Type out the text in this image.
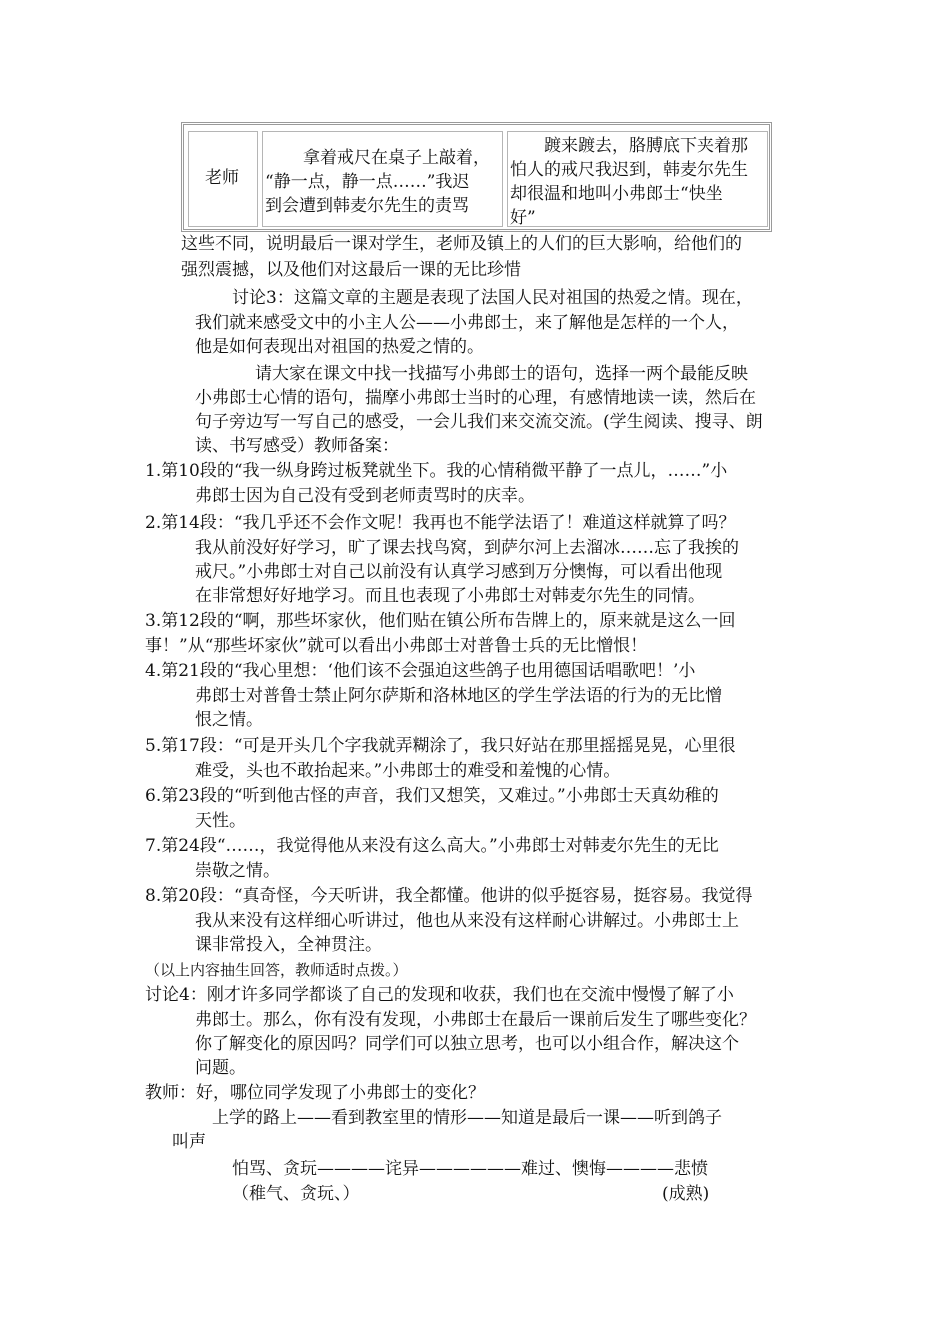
老师
拿着戒尺在桌子上敲着，
“静一点，静一点……”我迟
到会遭到韩麦尔先生的责骂
踱来踱去，胳膊底下夹着那
怕人的戒尺我迟到，韩麦尔先生
却很温和地叫小弗郎士“快坐
好”
这些不同，说明最后一课对学生，老师及镇上的人们的巨大影响，给他们的
强烈震撼，以及他们对这最后一课的无比珍惜
讨论3：这篇文章的主题是表现了法国人民对祖国的热爱之情。现在，
我们就来感受文中的小主人公——小弗郎士，来了解他是怎样的一个人，
他是如何表现出对祖国的热爱之情的。
请大家在课文中找一找描写小弗郎士的语句，选择一两个最能反映
小弗郎士心情的语句，揣摩小弗郎士当时的心理，有感情地读一读，然后在
句子旁边写一写自己的感受，一会儿我们来交流交流。(学生阅读、搜寻、朗
读、书写感受）教师备案：
1.第10段的“我一纵身跨过板凳就坐下。我的心情稍微平静了一点儿，……”小
弗郎士因为自己没有受到老师责骂时的庆幸。
2.第14段：“我几乎还不会作文呢！我再也不能学法语了！难道这样就算了吗？
我从前没好好学习，旷了课去找鸟窝，到萨尔河上去溜冰……忘了我挨的
戒尺。”小弗郎士对自己以前没有认真学习感到万分懊悔，可以看出他现
在非常想好好地学习。而且也表现了小弗郎士对韩麦尔先生的同情。
3.第12段的“啊，那些坏家伙，他们贴在镇公所布告牌上的，原来就是这么一回
事！”从“那些坏家伙”就可以看出小弗郎士对普鲁士兵的无比憎恨！
4.第21段的“我心里想：‘他们该不会强迫这些鸽子也用德国话唱歌吧！’小
弗郎士对普鲁士禁止阿尔萨斯和洛林地区的学生学法语的行为的无比憎
恨之情。
5.第17段：“可是开头几个字我就弄糊涂了，我只好站在那里摇摇晃晃，心里很
难受，头也不敢抬起来。”小弗郎士的难受和羞愧的心情。
6.第23段的“听到他古怪的声音，我们又想笑，又难过。”小弗郎士天真幼稚的
天性。
7.第24段“……，我觉得他从来没有这么高大。”小弗郎士对韩麦尔先生的无比
崇敬之情。
8.第20段：“真奇怪，今天听讲，我全都懂。他讲的似乎挺容易，挺容易。我觉得
我从来没有这样细心听讲过，他也从来没有这样耐心讲解过。小弗郎士上
课非常投入，全神贯注。
（以上内容抽生回答，教师适时点拨。）
讨论4：刚才许多同学都谈了自己的发现和收获，我们也在交流中慢慢了解了小
弗郎士。那么，你有没有发现，小弗郎士在最后一课前后发生了哪些变化？
你了解变化的原因吗？同学们可以独立思考，也可以小组合作，解决这个
问题。
教师：好，哪位同学发现了小弗郎士的变化？
上学的路上——看到教室里的情形——知道是最后一课——听到鸽子
叫声
怕骂、贪玩————诧异——————难过、懊悔————悲愤
（稚气、贪玩、）	(成熟)
